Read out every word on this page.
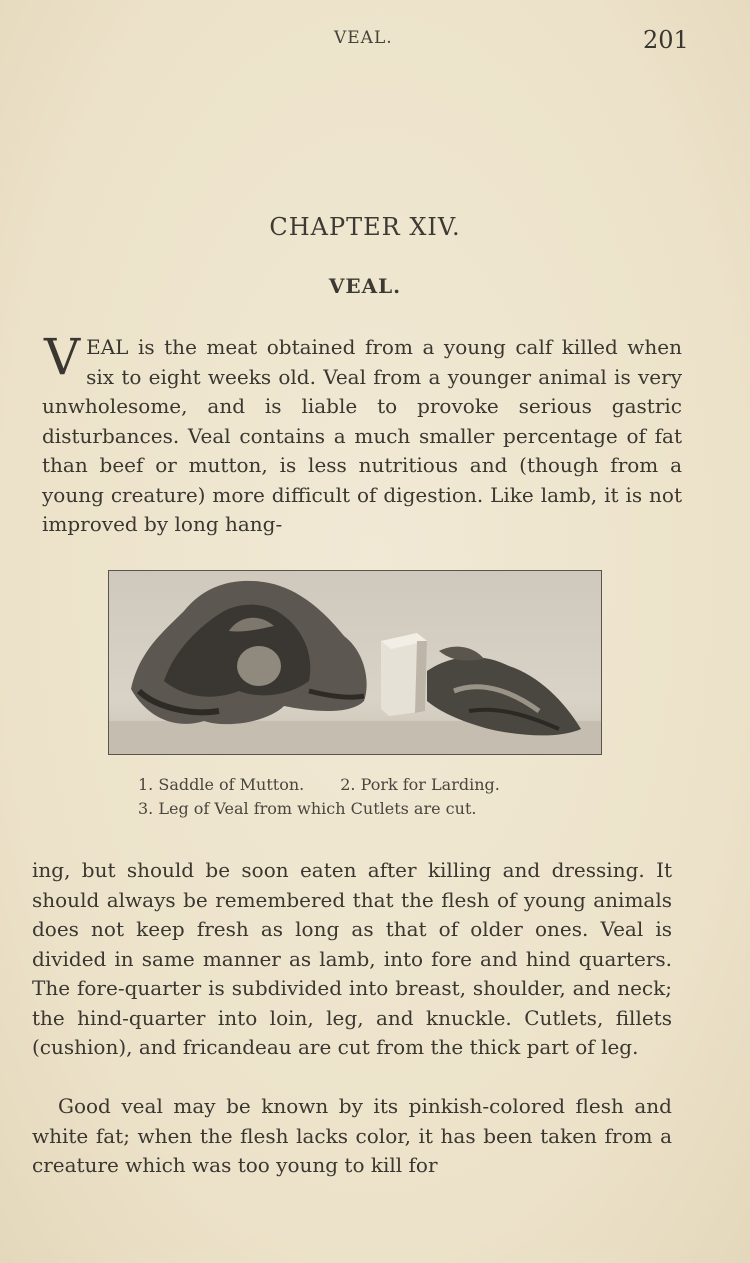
VEAL.	201
CHAPTER XIV.
VEAL.

VEAL is the meat obtained from a young calf killed when six to eight weeks old. Veal from a younger animal is very unwholesome, and is liable to provoke serious gastric disturbances. Veal contains a much smaller percentage of fat than beef or mutton, is less nutritious and (though from a young creature) more difficult of digestion. Like lamb, it is not improved by long hang-

1. Saddle of Mutton. 2. Pork for Larding.
3. Leg of Veal from which Cutlets are cut.

ing, but should be soon eaten after killing and dressing. It should always be remembered that the flesh of young animals does not keep fresh as long as that of older ones. Veal is divided in same manner as lamb, into fore and hind quarters. The fore-quarter is subdivided into breast, shoulder, and neck; the hind-quarter into loin, leg, and knuckle. Cutlets, fillets (cushion), and fricandeau are cut from the thick part of leg.

Good veal may be known by its pinkish-colored flesh and white fat; when the flesh lacks color, it has been taken from a creature which was too young to kill for
